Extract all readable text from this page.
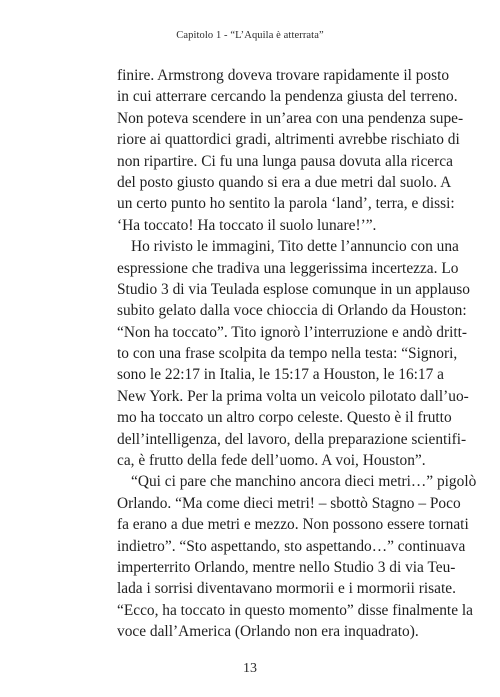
Capitolo 1 - “L’Aquila è atterrata”
finire. Armstrong doveva trovare rapidamente il posto
in cui atterrare cercando la pendenza giusta del terreno.
Non poteva scendere in un’area con una pendenza supe-
riore ai quattordici gradi, altrimenti avrebbe rischiato di
non ripartire. Ci fu una lunga pausa dovuta alla ricerca
del posto giusto quando si era a due metri dal suolo. A
un certo punto ho sentito la parola ‘land’, terra, e dissi:
‘Ha toccato! Ha toccato il suolo lunare!’”.
Ho rivisto le immagini, Tito dette l’annuncio con una
espressione che tradiva una leggerissima incertezza. Lo
Studio 3 di via Teulada esplose comunque in un applauso
subito gelato dalla voce chioccia di Orlando da Houston:
“Non ha toccato”. Tito ignorò l’interruzione e andò dritt-
to con una frase scolpita da tempo nella testa: “Signori,
sono le 22:17 in Italia, le 15:17 a Houston, le 16:17 a
New York. Per la prima volta un veicolo pilotato dall’uo-
mo ha toccato un altro corpo celeste. Questo è il frutto
dell’intelligenza, del lavoro, della preparazione scientifi-
ca, è frutto della fede dell’uomo. A voi, Houston”.
“Qui ci pare che manchino ancora dieci metri…” pigolò
Orlando. “Ma come dieci metri! – sbottò Stagno – Poco
fa erano a due metri e mezzo. Non possono essere tornati
indietro”. “Sto aspettando, sto aspettando…” continuava
imperterrito Orlando, mentre nello Studio 3 di via Teu-
lada i sorrisi diventavano mormorii e i mormorii risate.
“Ecco, ha toccato in questo momento” disse finalmente la
voce dall’America (Orlando non era inquadrato).
13
